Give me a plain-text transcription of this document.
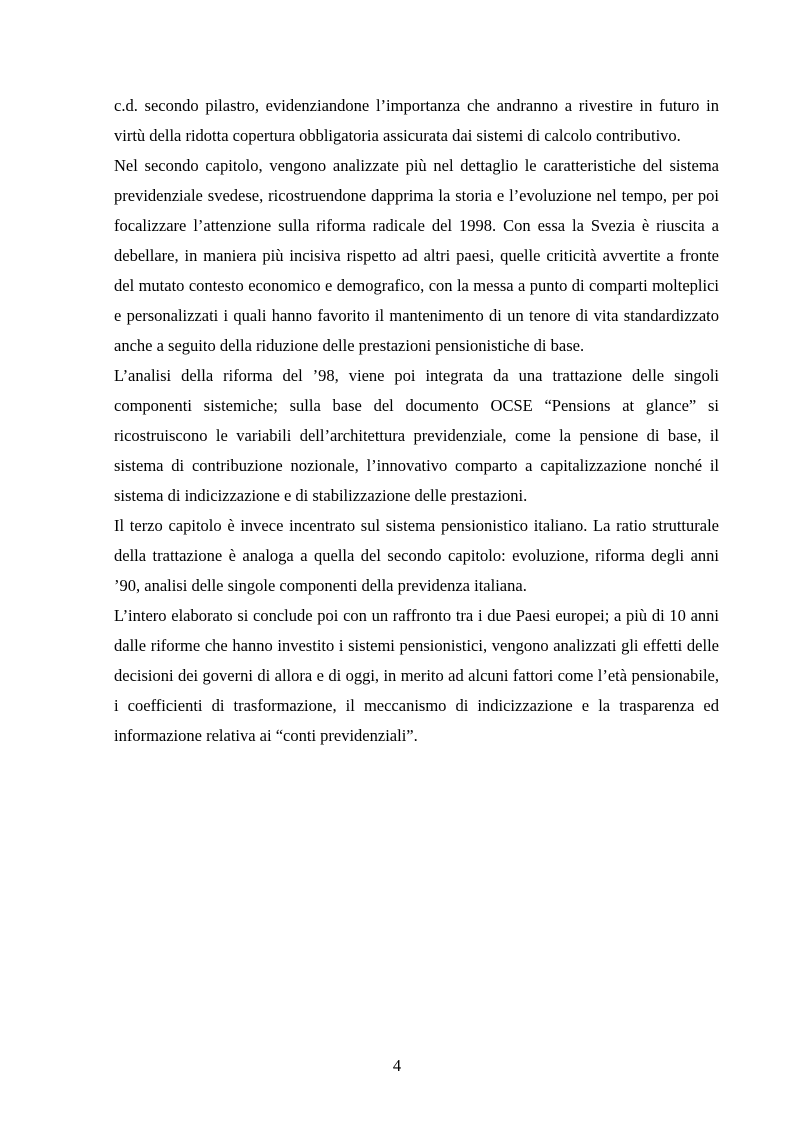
c.d. secondo pilastro, evidenziandone l’importanza che andranno a rivestire in futuro in virtù della ridotta copertura obbligatoria assicurata dai sistemi di calcolo contributivo.

Nel secondo capitolo, vengono analizzate più nel dettaglio le caratteristiche del sistema previdenziale svedese, ricostruendone dapprima la storia e l’evoluzione nel tempo, per poi focalizzare l’attenzione sulla riforma radicale del 1998. Con essa la Svezia è riuscita a debellare, in maniera più incisiva rispetto ad altri paesi, quelle criticità avvertite a fronte del mutato contesto economico e demografico, con la messa a punto di comparti molteplici e personalizzati i quali hanno favorito il mantenimento di un tenore di vita standardizzato anche a seguito della riduzione delle prestazioni pensionistiche di base.

L’analisi della riforma del ’98, viene poi integrata da una trattazione delle singoli componenti sistemiche; sulla base del documento OCSE “Pensions at glance” si ricostruiscono le variabili dell’architettura previdenziale, come la pensione di base, il sistema di contribuzione nozionale, l’innovativo comparto a capitalizzazione nonché il sistema di indicizzazione e di stabilizzazione delle prestazioni.

Il terzo capitolo è invece incentrato sul sistema pensionistico italiano. La ratio strutturale della trattazione è analoga a quella del secondo capitolo: evoluzione, riforma degli anni ’90, analisi delle singole componenti della previdenza italiana.

L’intero elaborato si conclude poi con un raffronto tra i due Paesi europei; a più di 10 anni dalle riforme che hanno investito i sistemi pensionistici, vengono analizzati gli effetti delle decisioni dei governi di allora e di oggi, in merito ad alcuni fattori come l’età pensionabile, i coefficienti di trasformazione, il meccanismo di indicizzazione e la trasparenza ed informazione relativa ai “conti previdenziali”.

4
